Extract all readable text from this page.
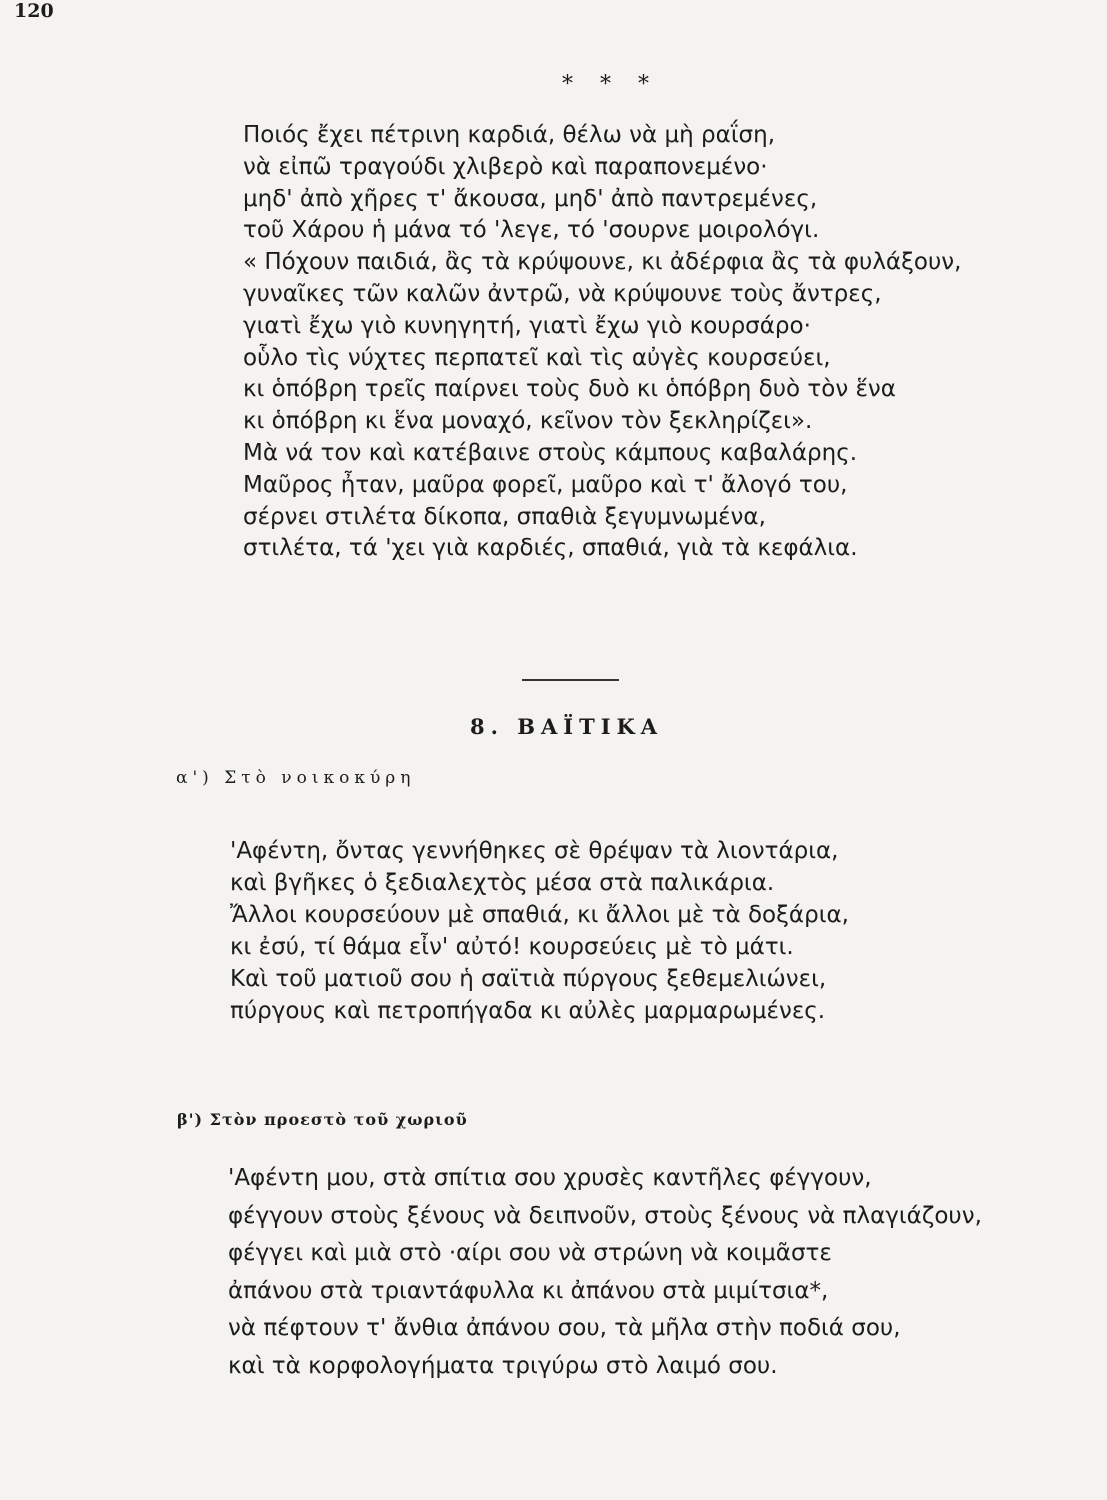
120
* * *
Ποιός ἔχει πέτρινη καρδιά, θέλω νὰ μὴ ραΐση,
νὰ εἰπῶ τραγούδι χλιβερὸ καὶ παραπονεμένο·
μηδ' ἀπὸ χῆρες τ' ἄκουσα, μηδ' ἀπὸ παντρεμένες,
τοῦ Χάρου ἡ μάνα τό 'λεγε, τό 'σουρνε μοιρολόγι.
« Πόχουν παιδιά, ἂς τὰ κρύψουνε, κι ἀδέρφια ἂς τὰ φυλάξουν,
γυναῖκες τῶν καλῶν ἀντρῶ, νὰ κρύψουνε τοὺς ἄντρες,
γιατὶ ἔχω γιὸ κυνηγητή, γιατὶ ἔχω γιὸ κουρσάρο·
οὗλο τὶς νύχτες περπατεῖ καὶ τὶς αὐγὲς κουρσεύει,
κι ὁπόβρη τρεῖς παίρνει τοὺς δυὸ κι ὁπόβρη δυὸ τὸν ἕνα
κι ὁπόβρη κι ἕνα μοναχό, κεῖνον τὸν ξεκληρίζει».
Μὰ νά τον καὶ κατέβαινε στοὺς κάμπους καβαλάρης.
Μαῦρος ἦταν, μαῦρα φορεῖ, μαῦρο καὶ τ' ἄλογό του,
σέρνει στιλέτα δίκοπα, σπαθιὰ ξεγυμνωμένα,
στιλέτα, τά 'χει γιὰ καρδιές, σπαθιά, γιὰ τὰ κεφάλια.
8. ΒΑΪΤΙΚΑ
α') Στὸ νοικοκύρη
'Αφέντη, ὄντας γεννήθηκες σὲ θρέψαν τὰ λιοντάρια,
καὶ βγῆκες ὁ ξεδιαλεχτὸς μέσα στὰ παλικάρια.
Ἄλλοι κουρσεύουν μὲ σπαθιά, κι ἄλλοι μὲ τὰ δοξάρια,
κι ἐσύ, τί θάμα εἶν' αὐτό! κουρσεύεις μὲ τὸ μάτι.
Καὶ τοῦ ματιοῦ σου ἡ σαϊτιὰ πύργους ξεθεμελιώνει,
πύργους καὶ πετροπήγαδα κι αὐλὲς μαρμαρωμένες.
β') Στὸν προεστὸ τοῦ χωριοῦ
'Αφέντη μου, στὰ σπίτια σου χρυσὲς καντῆλες φέγγουν,
φέγγουν στοὺς ξένους νὰ δειπνοῦν, στοὺς ξένους νὰ πλαγιάζουν,
φέγγει καὶ μιὰ στὸ ·αίρι σου νὰ στρώνη νὰ κοιμᾶστε
ἀπάνου στὰ τριαντάφυλλα κι ἀπάνου στὰ μιμίτσια*,
νὰ πέφτουν τ' ἄνθια ἀπάνου σου, τὰ μῆλα στὴν ποδιά σου,
καὶ τὰ κορφολογήματα τριγύρω στὸ λαιμό σου.
